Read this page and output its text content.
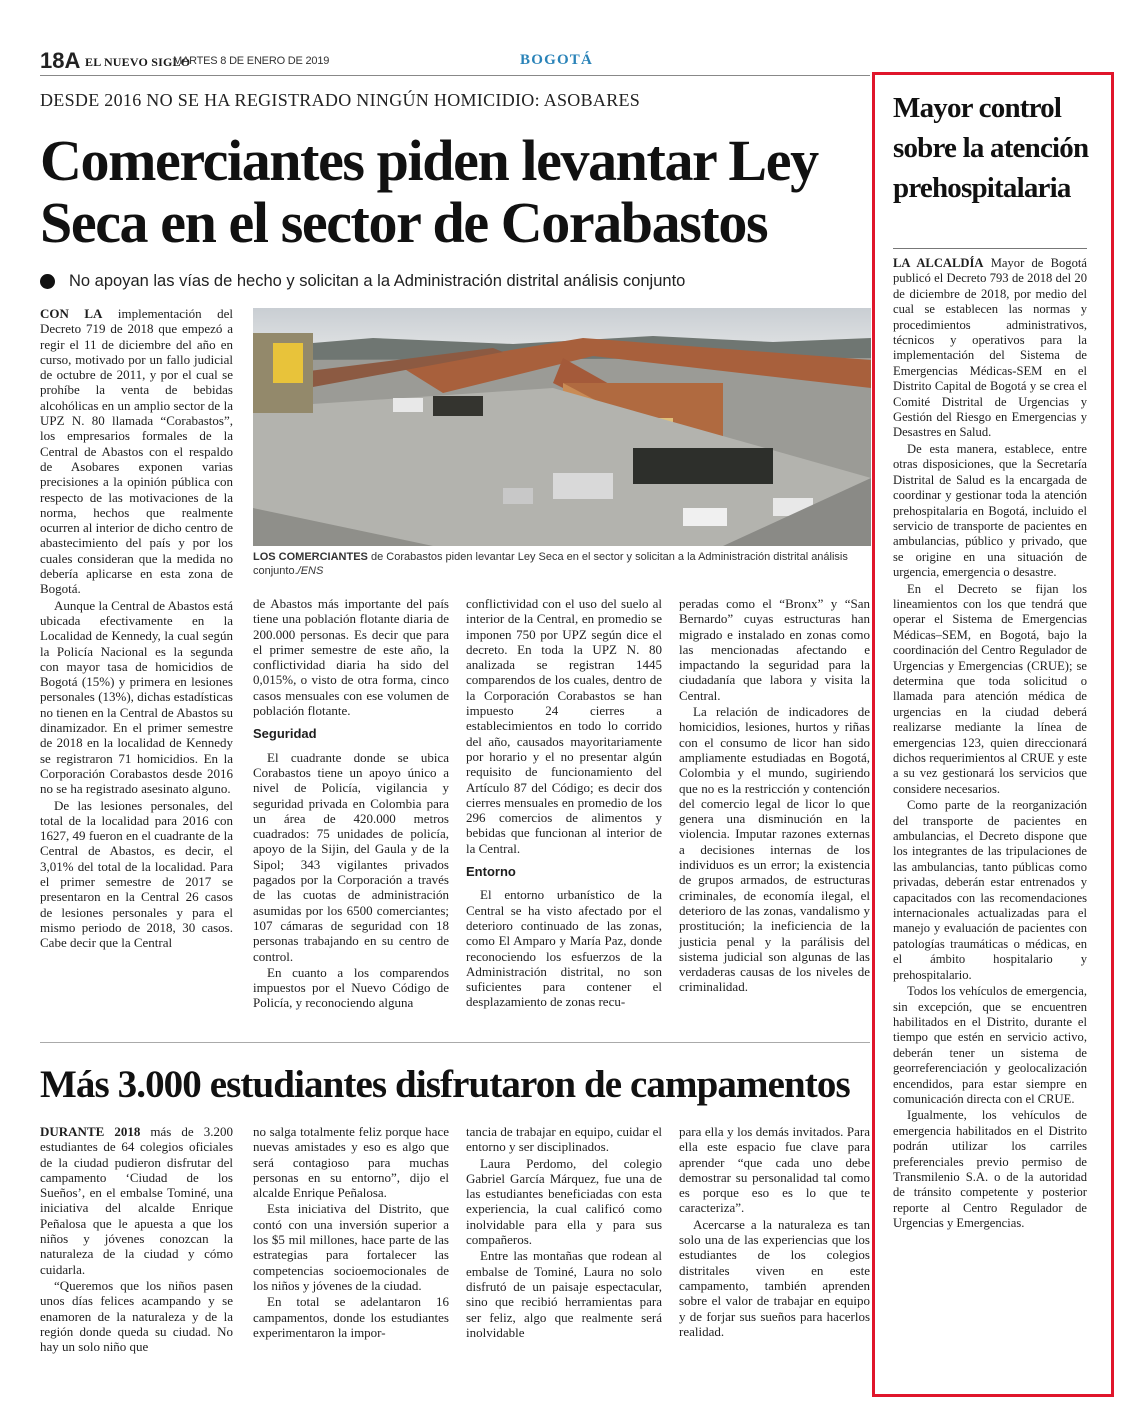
18A EL NUEVO SIGLO
MARTES 8 DE ENERO DE 2019	BOGOTÁ
DESDE 2016 NO SE HA REGISTRADO NINGÚN HOMICIDIO: ASOBARES
Comerciantes piden levantar Ley Seca en el sector de Corabastos
No apoyan las vías de hecho y solicitan a la Administración distrital análisis conjunto

CON LA implementación del Decreto 719 de 2018 que empezó a regir el 11 de diciembre del año en curso, motivado por un fallo judicial de octubre de 2011, y por el cual se prohíbe la venta de bebidas alcohólicas en un amplio sector de la UPZ N. 80 llamada “Corabastos”, los empresarios formales de la Central de Abastos con el respaldo de Asobares exponen varias precisiones a la opinión pública con respecto de las motivaciones de la norma, hechos que realmente ocurren al interior de dicho centro de abastecimiento del país y por los cuales consideran que la medida no debería aplicarse en esta zona de Bogotá.

Aunque la Central de Abastos está ubicada efectivamente en la Localidad de Kennedy, la cual según la Policía Nacional es la segunda con mayor tasa de homicidios de Bogotá (15%) y primera en lesiones personales (13%), dichas estadísticas no tienen en la Central de Abastos su dinamizador. En el primer semestre de 2018 en la localidad de Kennedy se registraron 71 homicidios. En la Corporación Corabastos desde 2016 no se ha registrado asesinato alguno.

De las lesiones personales, del total de la localidad para 2016 con 1627, 49 fueron en el cuadrante de la Central de Abastos, es decir, el 3,01% del total de la localidad. Para el primer semestre de 2017 se presentaron en la Central 26 casos de lesiones personales y para el mismo periodo de 2018, 30 casos. Cabe decir que la Central

LOS COMERCIANTES de Corabastos piden levantar Ley Seca en el sector y solicitan a la Administración distrital análisis conjunto./ENS

de Abastos más importante del país tiene una población flotante diaria de 200.000 personas. Es decir que para el primer semestre de este año, la conflictividad diaria ha sido del 0,015%, o visto de otra forma, cinco casos mensuales con ese volumen de población flotante.

Seguridad

El cuadrante donde se ubica Corabastos tiene un apoyo único a nivel de Policía, vigilancia y seguridad privada en Colombia para un área de 420.000 metros cuadrados: 75 unidades de policía, apoyo de la Sijin, del Gaula y de la Sipol; 343 vigilantes privados pagados por la Corporación a través de las cuotas de administración asumidas por los 6500 comerciantes; 107 cámaras de seguridad con 18 personas trabajando en su centro de control.

En cuanto a los comparendos impuestos por el Nuevo Código de Policía, y reconociendo alguna

conflictividad con el uso del suelo al interior de la Central, en promedio se imponen 750 por UPZ según dice el decreto. En toda la UPZ N. 80 analizada se registran 1445 comparendos de los cuales, dentro de la Corporación Corabastos se han impuesto 24 cierres a establecimientos en todo lo corrido del año, causados mayoritariamente por horario y el no presentar algún requisito de funcionamiento del Artículo 87 del Código; es decir dos cierres mensuales en promedio de los 296 comercios de alimentos y bebidas que funcionan al interior de la Central.

Entorno

El entorno urbanístico de la Central se ha visto afectado por el deterioro continuado de las zonas, como El Amparo y María Paz, donde reconociendo los esfuerzos de la Administración distrital, no son suficientes para contener el desplazamiento de zonas recu-

peradas como el “Bronx” y “San Bernardo” cuyas estructuras han migrado e instalado en zonas como las mencionadas afectando e impactando la seguridad para la ciudadanía que labora y visita la Central.

La relación de indicadores de homicidios, lesiones, hurtos y riñas con el consumo de licor han sido ampliamente estudiadas en Bogotá, Colombia y el mundo, sugiriendo que no es la restricción y contención del comercio legal de licor lo que genera una disminución en la violencia. Imputar razones externas a decisiones internas de los individuos es un error; la existencia de grupos armados, de estructuras criminales, de economía ilegal, el deterioro de las zonas, vandalismo y prostitución; la ineficiencia de la justicia penal y la parálisis del sistema judicial son algunas de las verdaderas causas de los niveles de criminalidad.

Más 3.000 estudiantes disfrutaron de campamentos

DURANTE 2018 más de 3.200 estudiantes de 64 colegios oficiales de la ciudad pudieron disfrutar del campamento ‘Ciudad de los Sueños’, en el embalse Tominé, una iniciativa del alcalde Enrique Peñalosa que le apuesta a que los niños y jóvenes conozcan la naturaleza de la ciudad y cómo cuidarla.

“Queremos que los niños pasen unos días felices acampando y se enamoren de la naturaleza y de la región donde queda su ciudad. No hay un solo niño que

no salga totalmente feliz porque hace nuevas amistades y eso es algo que será contagioso para muchas personas en su entorno”, dijo el alcalde Enrique Peñalosa.

Esta iniciativa del Distrito, que contó con una inversión superior a los $5 mil millones, hace parte de las estrategias para fortalecer las competencias socioemocionales de los niños y jóvenes de la ciudad.

En total se adelantaron 16 campamentos, donde los estudiantes experimentaron la impor-

tancia de trabajar en equipo, cuidar el entorno y ser disciplinados.

Laura Perdomo, del colegio Gabriel García Márquez, fue una de las estudiantes beneficiadas con esta experiencia, la cual calificó como inolvidable para ella y para sus compañeros.

Entre las montañas que rodean al embalse de Tominé, Laura no solo disfrutó de un paisaje espectacular, sino que recibió herramientas para ser feliz, algo que realmente será inolvidable

para ella y los demás invitados. Para ella este espacio fue clave para aprender “que cada uno debe demostrar su personalidad tal como es porque eso es lo que te caracteriza”.

Acercarse a la naturaleza es tan solo una de las experiencias que los estudiantes de los colegios distritales viven en este campamento, también aprenden sobre el valor de trabajar en equipo y de forjar sus sueños para hacerlos realidad.

Mayor control sobre la atención prehospitalaria

LA ALCALDÍA Mayor de Bogotá publicó el Decreto 793 de 2018 del 20 de diciembre de 2018, por medio del cual se establecen las normas y procedimientos administrativos, técnicos y operativos para la implementación del Sistema de Emergencias Médicas-SEM en el Distrito Capital de Bogotá y se crea el Comité Distrital de Urgencias y Gestión del Riesgo en Emergencias y Desastres en Salud.

De esta manera, establece, entre otras disposiciones, que la Secretaría Distrital de Salud es la encargada de coordinar y gestionar toda la atención prehospitalaria en Bogotá, incluido el servicio de transporte de pacientes en ambulancias, público y privado, que se origine en una situación de urgencia, emergencia o desastre.

En el Decreto se fijan los lineamientos con los que tendrá que operar el Sistema de Emergencias Médicas–SEM, en Bogotá, bajo la coordinación del Centro Regulador de Urgencias y Emergencias (CRUE); se determina que toda solicitud o llamada para atención médica de urgencias en la ciudad deberá realizarse mediante la línea de emergencias 123, quien direccionará dichos requerimientos al CRUE y este a su vez gestionará los servicios que considere necesarios.

Como parte de la reorganización del transporte de pacientes en ambulancias, el Decreto dispone que los integrantes de las tripulaciones de las ambulancias, tanto públicas como privadas, deberán estar entrenados y capacitados con las recomendaciones internacionales actualizadas para el manejo y evaluación de pacientes con patologías traumáticas o médicas, en el ámbito hospitalario y prehospitalario.

Todos los vehículos de emergencia, sin excepción, que se encuentren habilitados en el Distrito, durante el tiempo que estén en servicio activo, deberán tener un sistema de georreferenciación y geolocalización encendidos, para estar siempre en comunicación directa con el CRUE.

Igualmente, los vehículos de emergencia habilitados en el Distrito podrán utilizar los carriles preferenciales previo permiso de Transmilenio S.A. o de la autoridad de tránsito competente y posterior reporte al Centro Regulador de Urgencias y Emergencias.
